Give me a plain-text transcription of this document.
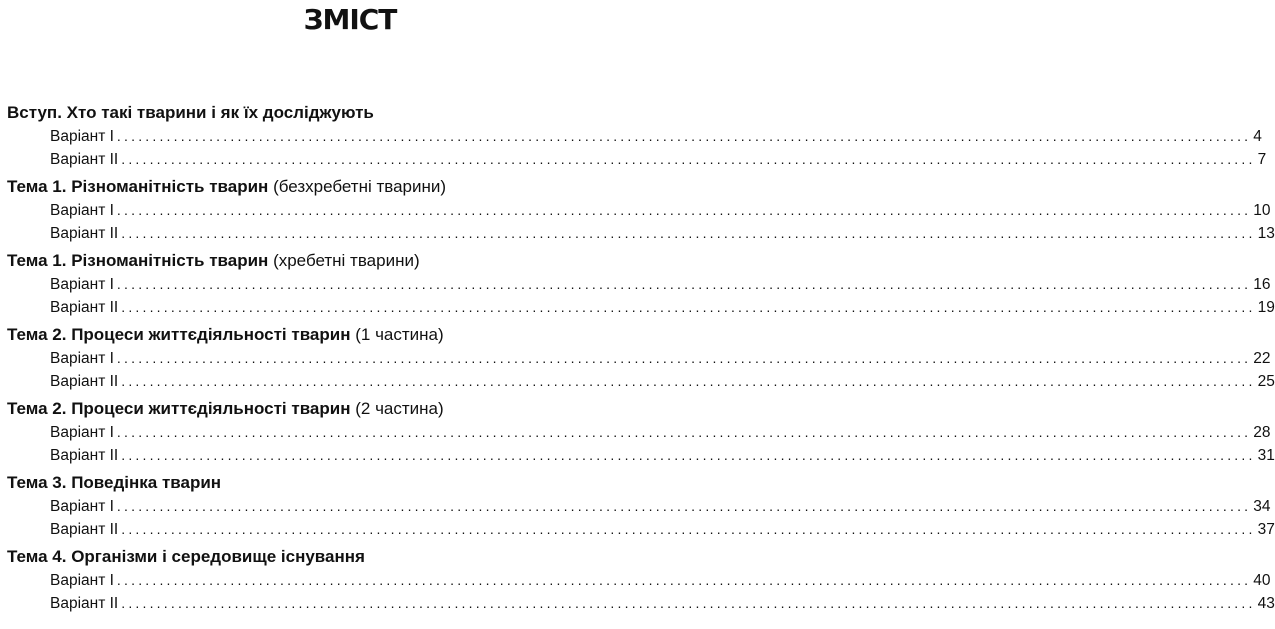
ЗМІСТ
Вступ. Хто такі тварини і як їх досліджують
Варіант I ................................................................................................................................................................ 4
Варіант II ................................................................................................................................................................ 7
Тема 1. Різноманітність тварин (безхребетні тварини)
Варіант I ................................................................................................................................................................ 10
Варіант II ................................................................................................................................................................ 13
Тема 1. Різноманітність тварин (хребетні тварини)
Варіант I ................................................................................................................................................................ 16
Варіант II ................................................................................................................................................................ 19
Тема 2. Процеси життєдіяльності тварин (1 частина)
Варіант I ................................................................................................................................................................ 22
Варіант II ................................................................................................................................................................ 25
Тема 2. Процеси життєдіяльності тварин (2 частина)
Варіант I ................................................................................................................................................................ 28
Варіант II ................................................................................................................................................................ 31
Тема 3. Поведінка тварин
Варіант I ................................................................................................................................................................ 34
Варіант II ................................................................................................................................................................ 37
Тема 4. Організми і середовище існування
Варіант I ................................................................................................................................................................ 40
Варіант II ................................................................................................................................................................ 43
